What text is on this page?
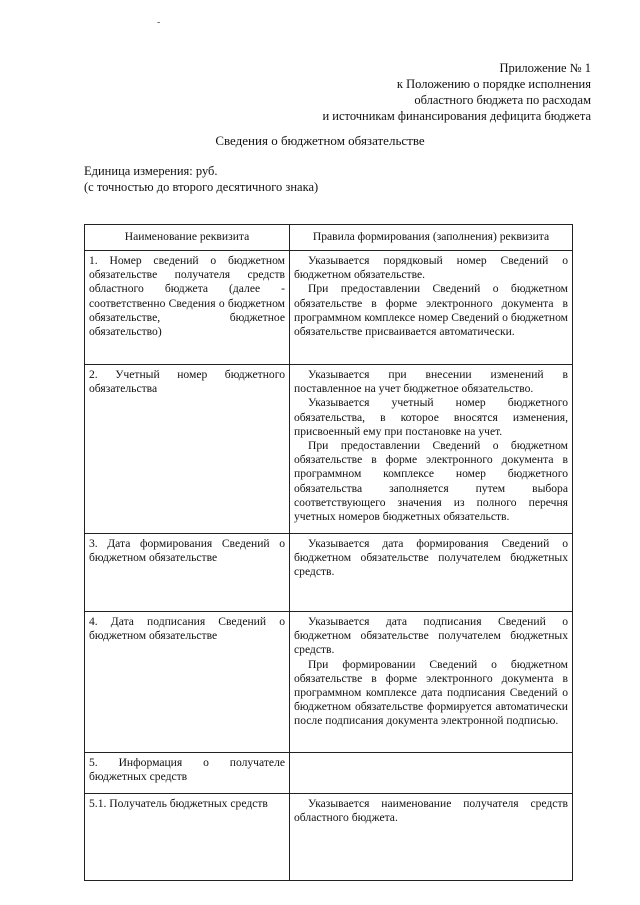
-
Приложение № 1
к Положению о порядке исполнения
областного бюджета по расходам
и источникам финансирования дефицита бюджета
Сведения о бюджетном обязательстве
Единица измерения: руб.
(с точностью до второго десятичного знака)
Наименование реквизита	Правила формирования (заполнения) реквизита
1. Номер сведений о бюджетном обязательстве получателя средств областного бюджета (далее - соответственно Сведения о бюджетном обязательстве, бюджетное обязательство)	Указывается порядковый номер Сведений о бюджетном обязательстве.

При предоставлении Сведений о бюджетном обязательстве в форме электронного документа в программном комплексе номер Сведений о бюджетном обязательстве присваивается автоматически.

2. Учетный номер бюджетного обязательства	Указывается при внесении изменений в поставленное на учет бюджетное обязательство.

Указывается учетный номер бюджетного обязательства, в которое вносятся изменения, присвоенный ему при постановке на учет.

При предоставлении Сведений о бюджетном обязательстве в форме электронного документа в программном комплексе номер бюджетного обязательства заполняется путем выбора соответствующего значения из полного перечня учетных номеров бюджетных обязательств.

3. Дата формирования Сведений о бюджетном обязательстве	Указывается дата формирования Сведений о бюджетном обязательстве получателем бюджетных средств.

4. Дата подписания Сведений о бюджетном обязательстве	Указывается дата подписания Сведений о бюджетном обязательстве получателем бюджетных средств.

При формировании Сведений о бюджетном обязательстве в форме электронного документа в программном комплексе дата подписания Сведений о бюджетном обязательстве формируется автоматически после подписания документа электронной подписью.

5. Информация о получателе бюджетных средств	

5.1. Получатель бюджетных средств	Указывается наименование получателя средств областного бюджета.
